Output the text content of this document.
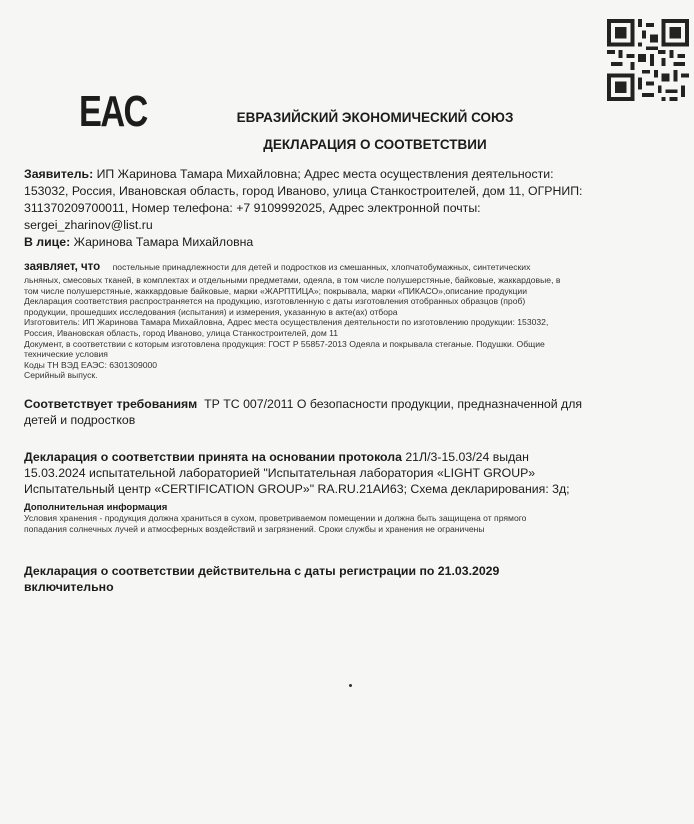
EAC	ЕВРАЗИЙСКИЙ ЭКОНОМИЧЕСКИЙ СОЮЗ
ДЕКЛАРАЦИЯ О СООТВЕТСТВИИ
Заявитель: ИП Жаринова Тамара Михайловна; Адрес места осуществления деятельности:
153032, Россия, Ивановская область, город Иваново, улица Станкостроителей, дом 11, ОГРНИП:
311370209700011, Номер телефона: +7 9109992025, Адрес электронной почты:
sergei_zharinov@list.ru
В лице: Жаринова Тамара Михайловна
заявляет, что постельные принадлежности для детей и подростков из смешанных, хлопчатобумажных, синтетических
льняных, смесовых тканей, в комплектах и отдельными предметами, одеяла, в том числе полушерстяные, байковые, жаккардовые, в
том числе полушерстяные, жаккардовые байковые, марки «ЖАРПТИЦА»; покрывала, марки «ПИКАСО»,описание продукции
Декларация соответствия распространяется на продукцию, изготовленную с даты изготовления отобранных образцов (проб)
продукции, прошедших исследования (испытания) и измерения, указанную в акте(ах) отбора
Изготовитель: ИП Жаринова Тамара Михайловна, Адрес места осуществления деятельности по изготовлению продукции: 153032,
Россия, Ивановская область, город Иваново, улица Станкостроителей, дом 11
Документ, в соответствии с которым изготовлена продукция: ГОСТ Р 55857-2013 Одеяла и покрывала стеганые. Подушки. Общие
технические условия
Коды ТН ВЭД ЕАЭС: 6301309000
Серийный выпуск.
Соответствует требованиям ТР ТС 007/2011 О безопасности продукции, предназначенной для
детей и подростков
Декларация о соответствии принята на основании протокола 21Л/3-15.03/24 выдан
15.03.2024 испытательной лабораторией "Испытательная лаборатория «LIGHT GROUP»
Испытательный центр «CERTIFICATION GROUP»" RA.RU.21АИ63; Схема декларирования: 3д;
Дополнительная информация
Условия хранения - продукция должна храниться в сухом, проветриваемом помещении и должна быть защищена от прямого
попадания солнечных лучей и атмосферных воздействий и загрязнений. Сроки службы и хранения не ограничены
Декларация о соответствии действительна с даты регистрации по 21.03.2029
включительно
